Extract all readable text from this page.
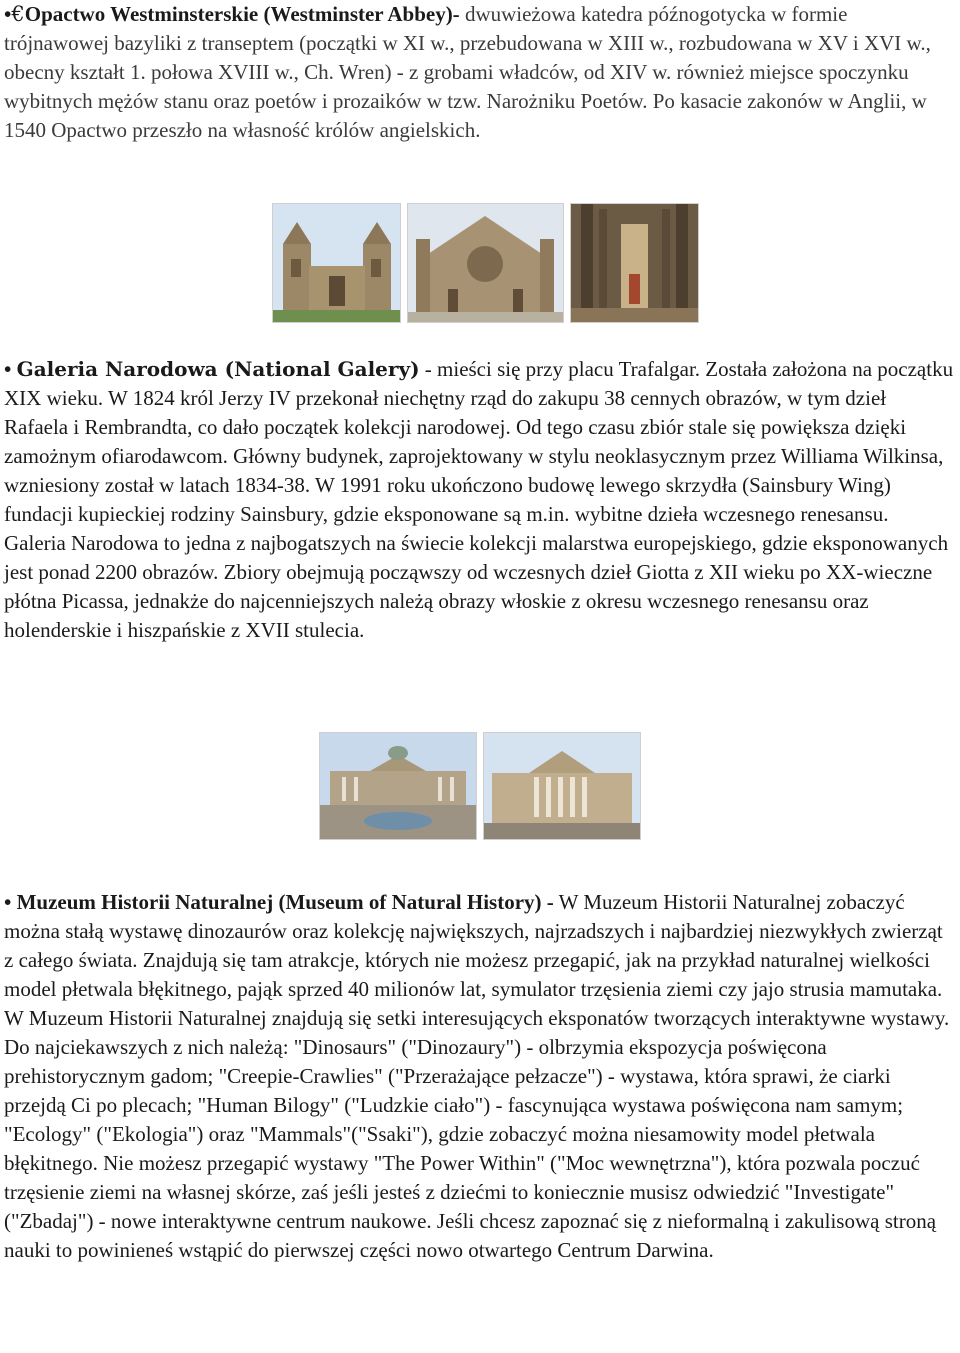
•€Opactwo Westminsterskie (Westminster Abbey)- dwuwieżowa katedra późnogotycka w formie trójnawowej bazyliki z transeptem (początki w XI w., przebudowana w XIII w., rozbudowana w XV i XVI w., obecny kształt 1. połowa XVIII w., Ch. Wren) - z grobami władców, od XIV w. również miejsce spoczynku wybitnych mężów stanu oraz poetów i prozaików w tzw. Narożniku Poetów. Po kasacie zakonów w Anglii, w 1540 Opactwo przeszło na własność królów angielskich.

• Galeria Narodowa (National Galery) - mieści się przy placu Trafalgar. Została założona na początku XIX wieku. W 1824 król Jerzy IV przekonał niechętny rząd do zakupu 38 cennych obrazów, w tym dzieł Rafaela i Rembrandta, co dało początek kolekcji narodowej. Od tego czasu zbiór stale się powiększa dzięki zamożnym ofiarodawcom. Główny budynek, zaprojektowany w stylu neoklasycznym przez Williama Wilkinsa, wzniesiony został w latach 1834-38. W 1991 roku ukończono budowę lewego skrzydła (Sainsbury Wing) fundacji kupieckiej rodziny Sainsbury, gdzie eksponowane są m.in. wybitne dzieła wczesnego renesansu. Galeria Narodowa to jedna z najbogatszych na świecie kolekcji malarstwa europejskiego, gdzie eksponowanych jest ponad 2200 obrazów. Zbiory obejmują począwszy od wczesnych dzieł Giotta z XII wieku po XX-wieczne płótna Picassa, jednakże do najcenniejszych należą obrazy włoskie z okresu wczesnego renesansu oraz holenderskie i hiszpańskie z XVII stulecia.

• Muzeum Historii Naturalnej (Museum of Natural History) - W Muzeum Historii Naturalnej zobaczyć można stałą wystawę dinozaurów oraz kolekcję największych, najrzadszych i najbardziej niezwykłych zwierząt z całego świata. Znajdują się tam atrakcje, których nie możesz przegapić, jak na przykład naturalnej wielkości model płetwala błękitnego, pająk sprzed 40 milionów lat, symulator trzęsienia ziemi czy jajo strusia mamutaka. W Muzeum Historii Naturalnej znajdują się setki interesujących eksponatów tworzących interaktywne wystawy. Do najciekawszych z nich należą: "Dinosaurs" ("Dinozaury") - olbrzymia ekspozycja poświęcona prehistorycznym gadom; "Creepie-Crawlies" ("Przerażające pełzacze") - wystawa, która sprawi, że ciarki przejdą Ci po plecach; "Human Bilogy" ("Ludzkie ciało") - fascynująca wystawa poświęcona nam samym; "Ecology" ("Ekologia") oraz "Mammals"("Ssaki"), gdzie zobaczyć można niesamowity model płetwala błękitnego. Nie możesz przegapić wystawy "The Power Within" ("Moc wewnętrzna"), która pozwala poczuć trzęsienie ziemi na własnej skórze, zaś jeśli jesteś z dziećmi to koniecznie musisz odwiedzić "Investigate" ("Zbadaj") - nowe interaktywne centrum naukowe. Jeśli chcesz zapoznać się z nieformalną i zakulisową stroną nauki to powinieneś wstąpić do pierwszej części nowo otwartego Centrum Darwina.
